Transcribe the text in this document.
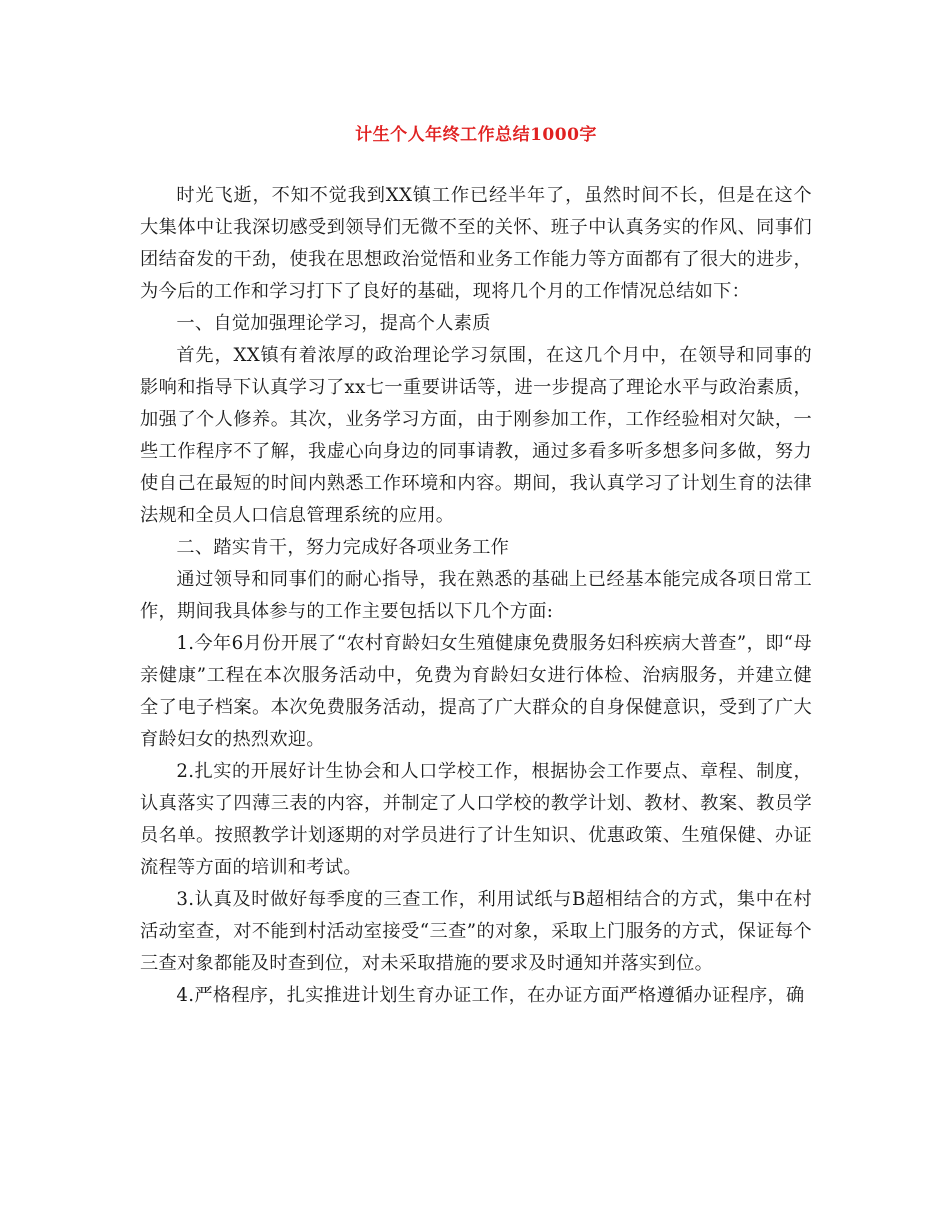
计生个人年终工作总结1000字

时光飞逝，不知不觉我到XX镇工作已经半年了，虽然时间不长，但是在这个大集体中让我深切感受到领导们无微不至的关怀、班子中认真务实的作风、同事们团结奋发的干劲，使我在思想政治觉悟和业务工作能力等方面都有了很大的进步，为今后的工作和学习打下了良好的基础，现将几个月的工作情况总结如下：

一、自觉加强理论学习，提高个人素质

首先，XX镇有着浓厚的政治理论学习氛围，在这几个月中，在领导和同事的影响和指导下认真学习了xx七一重要讲话等，进一步提高了理论水平与政治素质，加强了个人修养。其次，业务学习方面，由于刚参加工作，工作经验相对欠缺，一些工作程序不了解，我虚心向身边的同事请教，通过多看多听多想多问多做，努力使自己在最短的时间内熟悉工作环境和内容。期间，我认真学习了计划生育的法律法规和全员人口信息管理系统的应用。

二、踏实肯干，努力完成好各项业务工作

通过领导和同事们的耐心指导，我在熟悉的基础上已经基本能完成各项日常工作，期间我具体参与的工作主要包括以下几个方面:

1.今年6月份开展了“农村育龄妇女生殖健康免费服务妇科疾病大普查”，即“母亲健康”工程在本次服务活动中，免费为育龄妇女进行体检、治病服务，并建立健全了电子档案。本次免费服务活动，提高了广大群众的自身保健意识，受到了广大育龄妇女的热烈欢迎。

2.扎实的开展好计生协会和人口学校工作，根据协会工作要点、章程、制度，认真落实了四薄三表的内容，并制定了人口学校的教学计划、教材、教案、教员学员名单。按照教学计划逐期的对学员进行了计生知识、优惠政策、生殖保健、办证流程等方面的培训和考试。

3.认真及时做好每季度的三查工作，利用试纸与B超相结合的方式，集中在村活动室查，对不能到村活动室接受“三查”的对象，采取上门服务的方式，保证每个三查对象都能及时查到位，对未采取措施的要求及时通知并落实到位。

4.严格程序，扎实推进计划生育办证工作，在办证方面严格遵循办证程序，确
